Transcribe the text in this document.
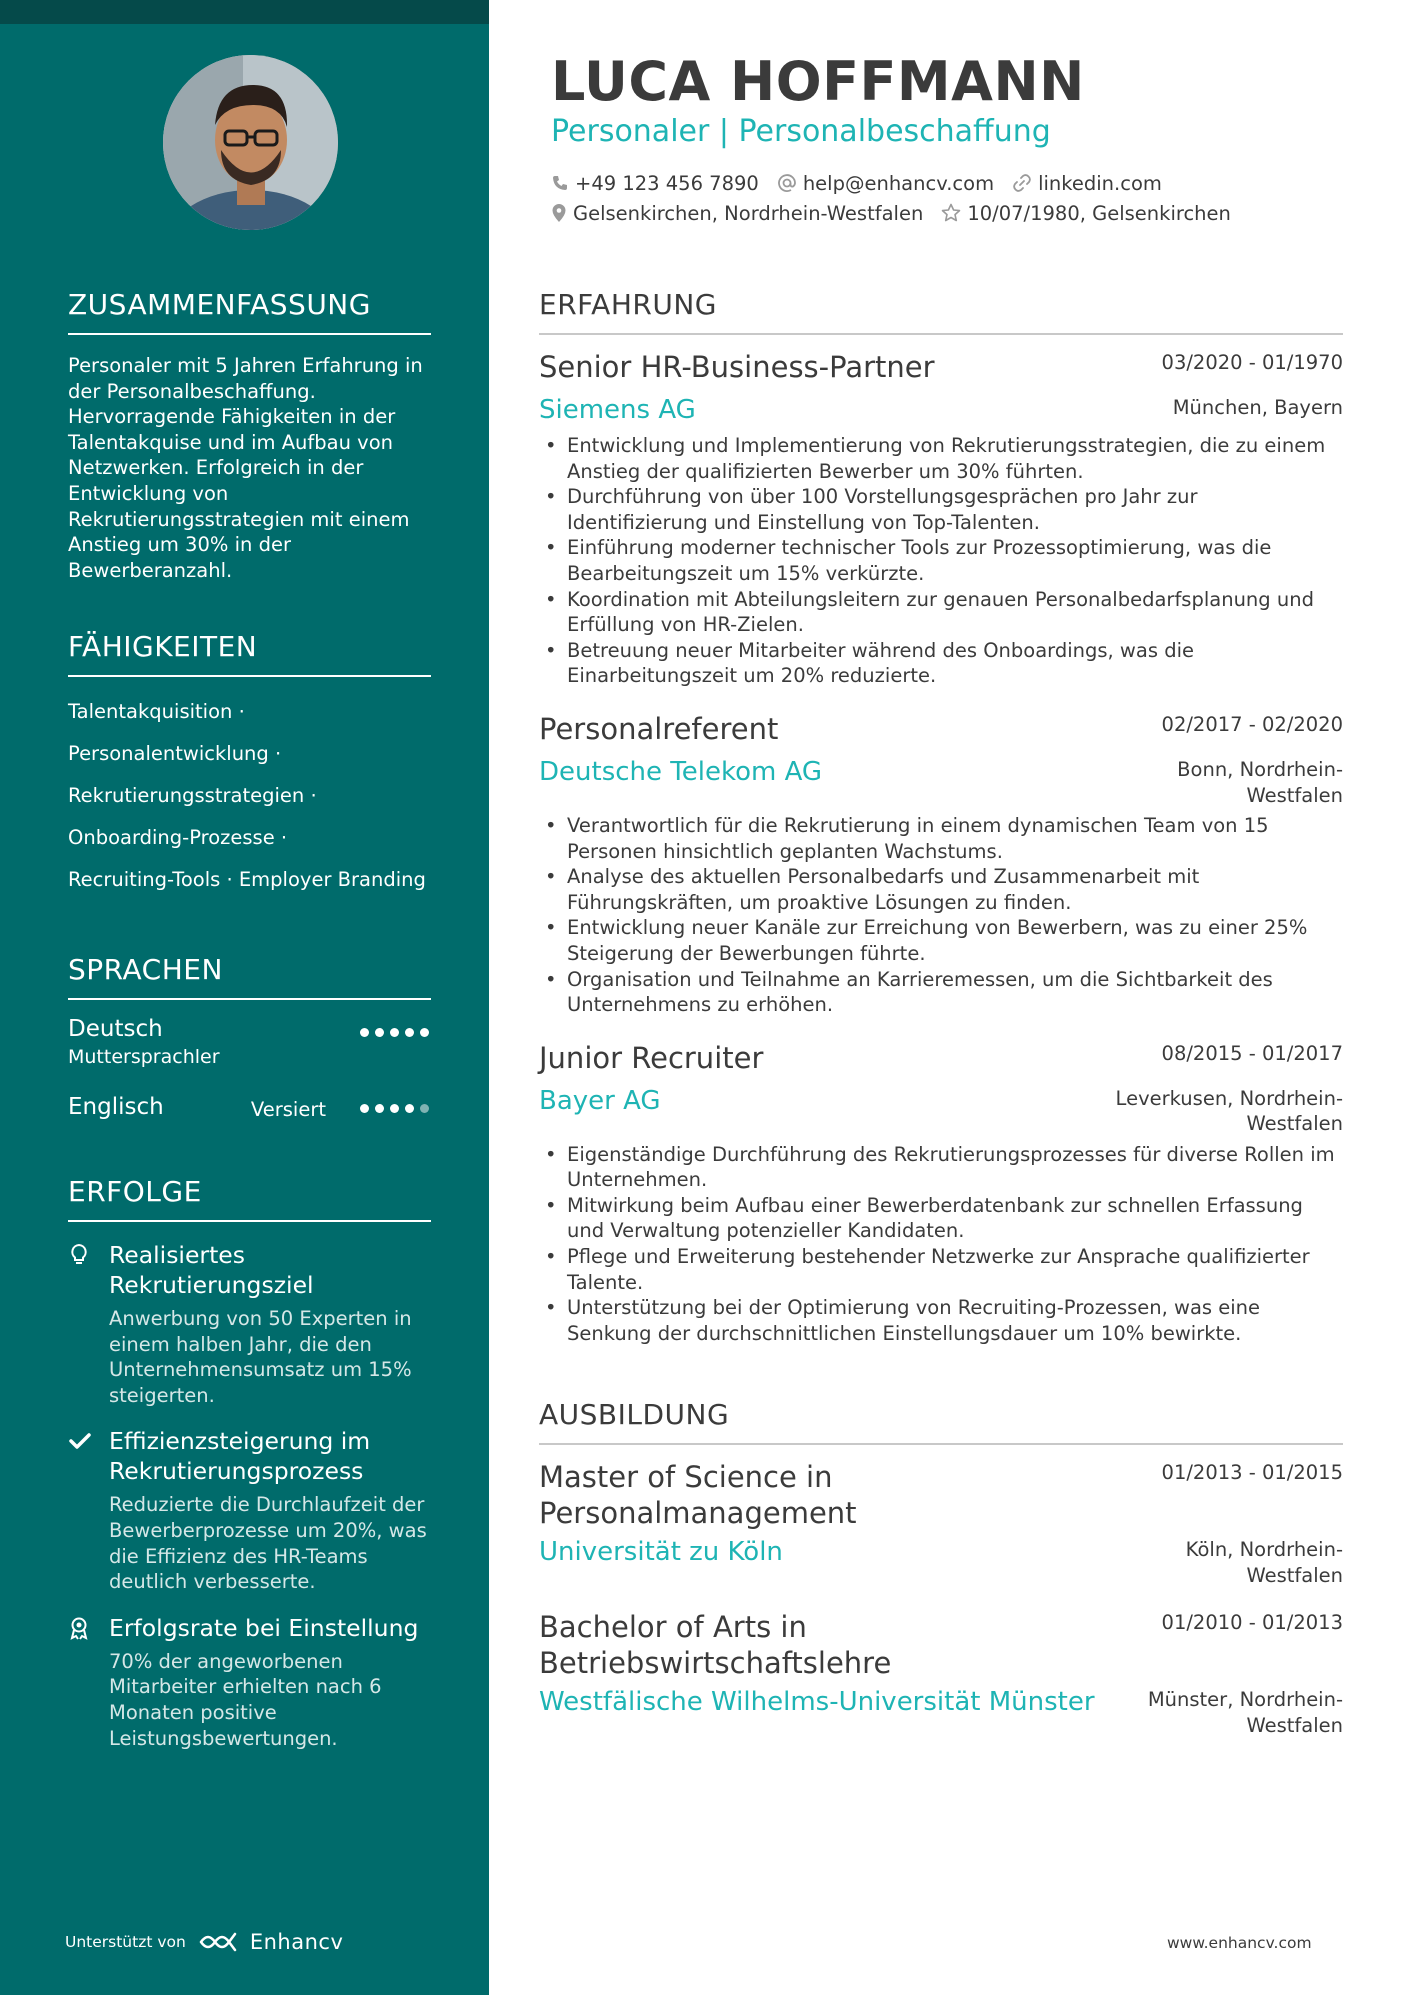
ZUSAMMENFASSUNG
Personaler mit 5 Jahren Erfahrung in der Personalbeschaffung. Hervorragende Fähigkeiten in der Talentakquise und im Aufbau von Netzwerken. Erfolgreich in der Entwicklung von Rekrutierungsstrategien mit einem Anstieg um 30% in der Bewerberanzahl.
FÄHIGKEITEN
Talentakquisition ·
Personalentwicklung ·
Rekrutierungsstrategien ·
Onboarding-Prozesse ·
Recruiting-Tools · Employer Branding
SPRACHEN
Deutsch
Muttersprachler
Englisch	Versiert
ERFOLGE
Realisiertes Rekrutierungsziel
Anwerbung von 50 Experten in einem halben Jahr, die den Unternehmensumsatz um 15% steigerten.
Effizienzsteigerung im Rekrutierungsprozess
Reduzierte die Durchlaufzeit der Bewerberprozesse um 20%, was die Effizienz des HR-Teams deutlich verbesserte.
Erfolgsrate bei Einstellung
70% der angeworbenen Mitarbeiter erhielten nach 6 Monaten positive Leistungsbewertungen.
Unterstützt von	Enhancv
LUCA HOFFMANN
Personaler | Personalbeschaffung
+49 123 456 7890 help@enhancv.com linkedin.com
Gelsenkirchen, Nordrhein-Westfalen 10/07/1980, Gelsenkirchen
ERFAHRUNG
Senior HR-Business-Partner	03/2020 - 01/1970
Siemens AG	München, Bayern
• Entwicklung und Implementierung von Rekrutierungsstrategien, die zu einem Anstieg der qualifizierten Bewerber um 30% führten.
• Durchführung von über 100 Vorstellungsgesprächen pro Jahr zur Identifizierung und Einstellung von Top-Talenten.
• Einführung moderner technischer Tools zur Prozessoptimierung, was die Bearbeitungszeit um 15% verkürzte.
• Koordination mit Abteilungsleitern zur genauen Personalbedarfsplanung und Erfüllung von HR-Zielen.
• Betreuung neuer Mitarbeiter während des Onboardings, was die Einarbeitungszeit um 20% reduzierte.
Personalreferent	02/2017 - 02/2020
Deutsche Telekom AG	Bonn, Nordrhein-Westfalen
• Verantwortlich für die Rekrutierung in einem dynamischen Team von 15 Personen hinsichtlich geplanten Wachstums.
• Analyse des aktuellen Personalbedarfs und Zusammenarbeit mit Führungskräften, um proaktive Lösungen zu finden.
• Entwicklung neuer Kanäle zur Erreichung von Bewerbern, was zu einer 25% Steigerung der Bewerbungen führte.
• Organisation und Teilnahme an Karrieremessen, um die Sichtbarkeit des Unternehmens zu erhöhen.
Junior Recruiter	08/2015 - 01/2017
Bayer AG	Leverkusen, Nordrhein-Westfalen
• Eigenständige Durchführung des Rekrutierungsprozesses für diverse Rollen im Unternehmen.
• Mitwirkung beim Aufbau einer Bewerberdatenbank zur schnellen Erfassung und Verwaltung potenzieller Kandidaten.
• Pflege und Erweiterung bestehender Netzwerke zur Ansprache qualifizierter Talente.
• Unterstützung bei der Optimierung von Recruiting-Prozessen, was eine Senkung der durchschnittlichen Einstellungsdauer um 10% bewirkte.
AUSBILDUNG
Master of Science in Personalmanagement
01/2013 - 01/2015
Universität zu Köln	Köln, Nordrhein-Westfalen
Bachelor of Arts in Betriebswirtschaftslehre
01/2010 - 01/2013
Westfälische Wilhelms-Universität Münster	Münster, Nordrhein-Westfalen
www.enhancv.com
